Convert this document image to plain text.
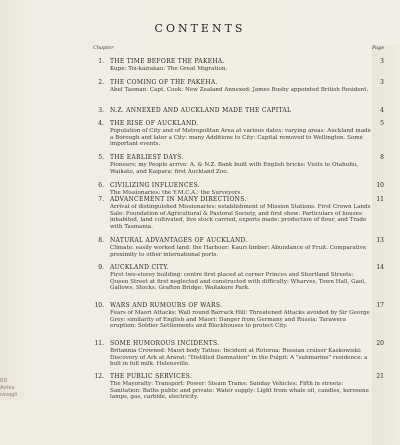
CONTENTS
Chapter	Page
1. THE TIME BEFORE THE PAKEHA.	3
Kupe: Toi-kairakau: The Great Migration.
2. THE COMING OF THE PAKEHA.	3
Abel Tasman: Capt. Cook: New Zealand Annexed: James Busby appointed British Resident.
3. N.Z. ANNEXED AND AUCKLAND MADE THE CAPITAL	4
4. THE RISE OF AUCKLAND.	5
Population of City and of Metropolitan Area at various dates: varying areas: Auckland made a Borough and later a City: many Additions to City: Capital removed to Wellington. Some important events.
5. THE EARLIEST DAYS.	8
Pioneers: my People arrive: A. & N.Z. Bank built with English bricks: Visits to Otahuhu, Waikato, and Kaipara: first Auckland Zoo.
6. CIVILIZING INFLUENCES.	10
The Missionaries: the Y.M.C.A.: the Surveyors.
7. ADVANCEMENT IN MANY DIRECTIONS.	11
Arrival of distinguished Missionaries: establishment of Mission Stations. First Crown Lands Sale: Foundation of Agricultural & Pastoral Society, and first show: Particulars of houses inhabited, land cultivated, live stock carried, exports made: production of flour, and Trade with Tasmania.
8. NATURAL ADVANTAGES OF AUCKLAND.	13
Climate: easily worked land: the Harbour: Kauri timber: Abundance of Fruit. Comparative proximity to other international ports.
9. AUCKLAND CITY.	14
First two-storey building: centre first placed at corner Princes and Shortland Streets: Queen Street at first neglected and constructed with difficulty: Wharves, Town Hall, Gaol, Gallows, Stocks: Grafton Bridge: Waitakere Park.
10. WARS AND RUMOURS OF WARS.	17
Fears of Maori Attacks: Wall round Barrack Hill: Threatened Attacks avoided by Sir George Grey: similarity of English and Maori: Danger from Germany and Russia: Tarawera eruption: Soldier Settlements and Blockhouses to protect City.
11. SOME HUMOROUS INCIDENTS.	20
Britannia Crowned: Maori body Tattoo: Incident at Rotorua: Russian cruiser Kaskowiski: Discovery of Ark at Ararat: "Distilled Damnation" in the Pulpit: A "submarine" residence: a bull in full milk. Helensville.
12. THE PUBLIC SERVICES.	21
The Mayoralty: Transport: Power: Steam Trams: Sunday Vehicles: Fifth in streets: Sanitation: Baths public and private: Water supply: Light from whale oil, candles, kerosene lamps, gas, carbide, electricity.
RD
Aotea
ravagli
